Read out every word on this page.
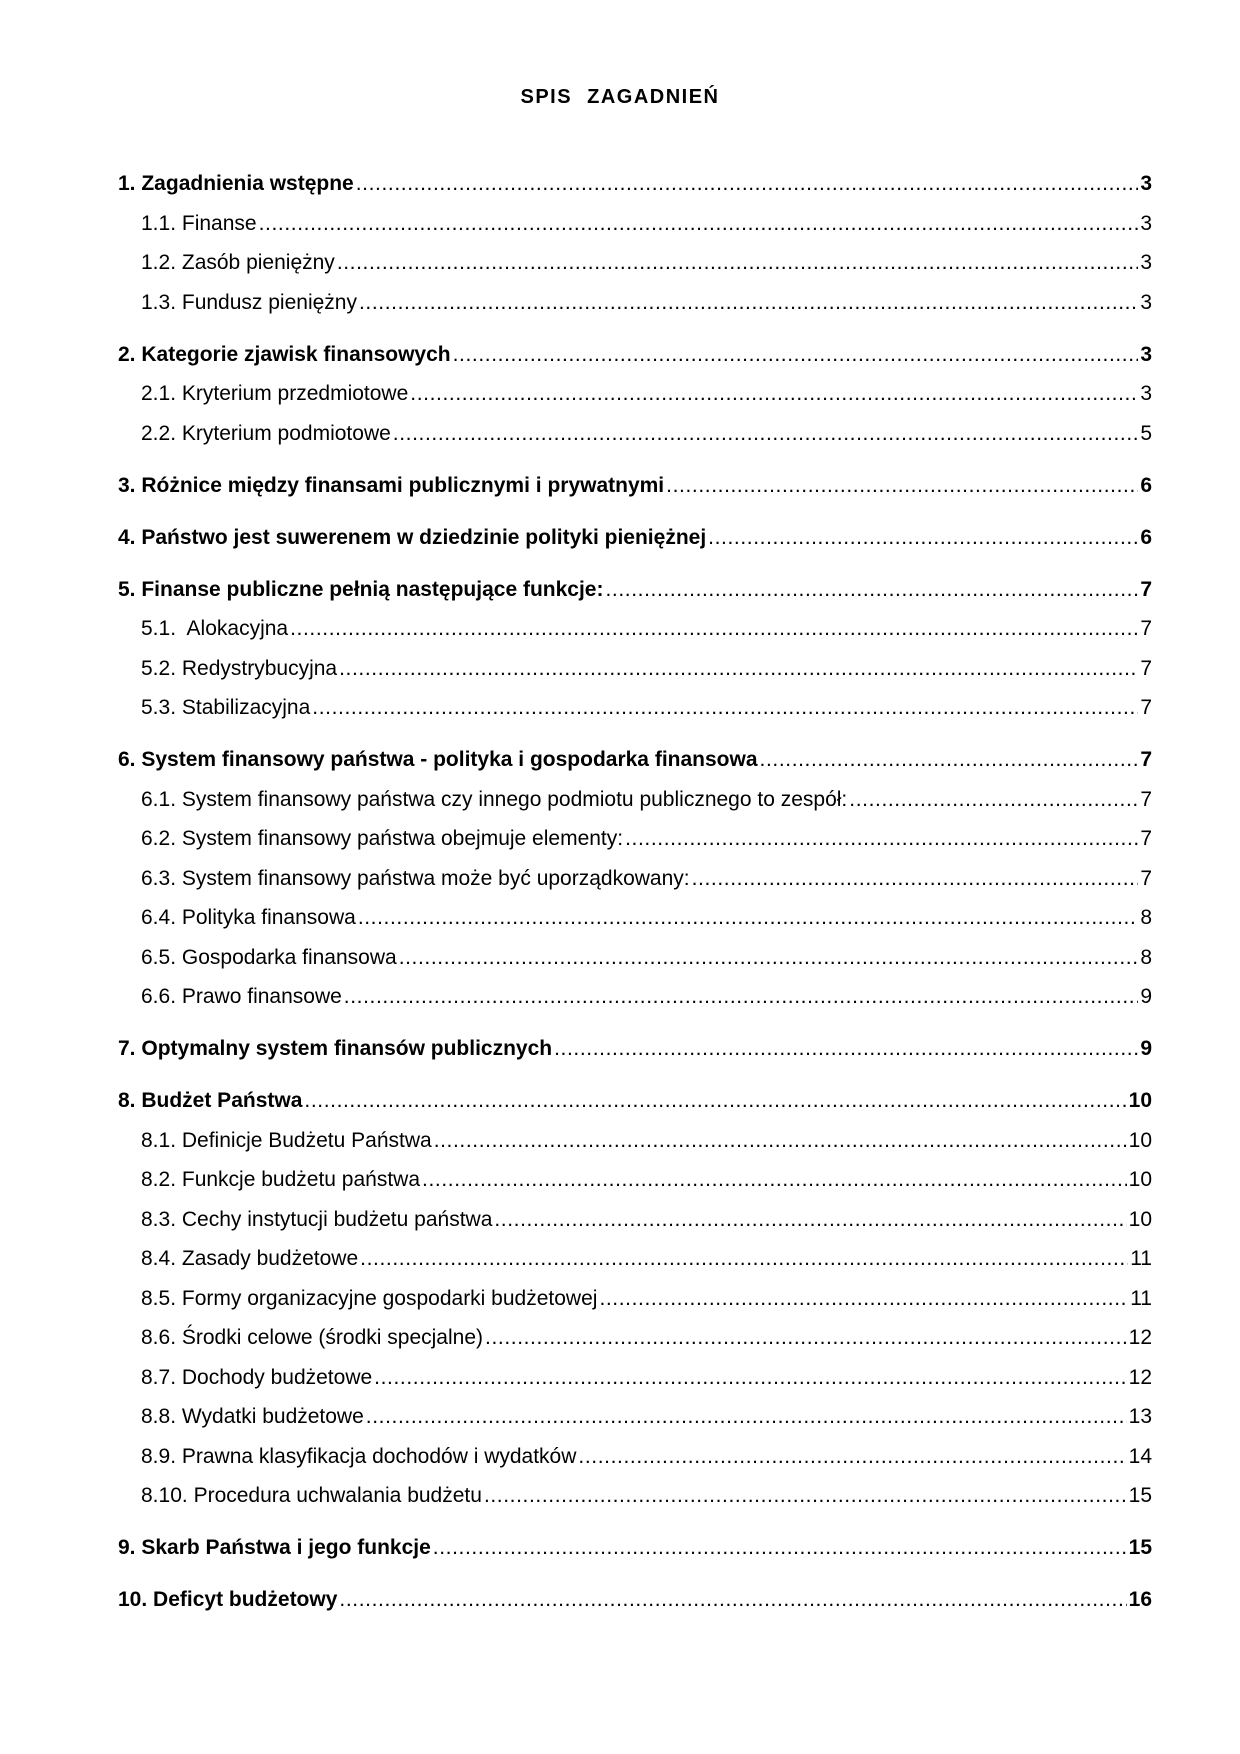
SPIS ZAGADNIEŃ
1. Zagadnienia wstępne .....	3
1.1. Finanse .....	3
1.2. Zasób pieniężny .....	3
1.3. Fundusz pieniężny .....	3
2. Kategorie zjawisk finansowych .....	3
2.1. Kryterium przedmiotowe .....	3
2.2. Kryterium podmiotowe .....	5
3. Różnice między finansami publicznymi i prywatnymi .....	6
4. Państwo jest suwerenem w dziedzinie polityki pieniężnej .....	6
5. Finanse publiczne pełnią następujące funkcje: .....	7
5.1.  Alokacyjna .....	7
5.2. Redystrybucyjna .....	7
5.3. Stabilizacyjna .....	7
6. System finansowy państwa - polityka i gospodarka finansowa .....	7
6.1. System finansowy państwa czy innego podmiotu publicznego to zespół: .....	7
6.2. System finansowy państwa obejmuje elementy: .....	7
6.3. System finansowy państwa może być uporządkowany: .....	7
6.4. Polityka finansowa .....	8
6.5. Gospodarka finansowa .....	8
6.6. Prawo finansowe .....	9
7. Optymalny system finansów publicznych .....	9
8. Budżet Państwa .....	10
8.1. Definicje Budżetu Państwa .....	10
8.2. Funkcje budżetu państwa .....	10
8.3. Cechy instytucji budżetu państwa .....	10
8.4. Zasady budżetowe .....	11
8.5. Formy organizacyjne gospodarki budżetowej .....	11
8.6. Środki celowe (środki specjalne) .....	12
8.7. Dochody budżetowe .....	12
8.8. Wydatki budżetowe .....	13
8.9. Prawna klasyfikacja dochodów i wydatków .....	14
8.10. Procedura uchwalania budżetu .....	15
9. Skarb Państwa i jego funkcje .....	15
10. Deficyt budżetowy .....	16
